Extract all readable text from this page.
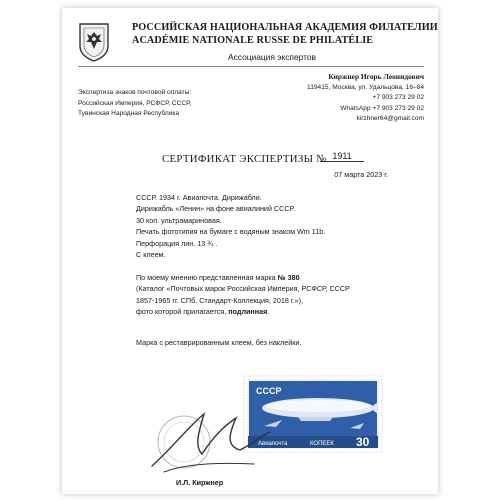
РОССИЙСКАЯ НАЦИОНАЛЬНАЯ АКАДЕМИЯ ФИЛАТЕЛИИ
ACADÉMIE NATIONALE RUSSE DE PHILATÉLIE
Ассоциация экспертов
Экспертиза знаков почтовой оплаты:
Российская Империя, РСФСР, СССР,
Тувинская Народная Республика
Киржнер Игорь Леонидович
119415, Москва, ул. Удальцова, 16–84
+7 903 273 29 02
WhatsApp +7 903 273 29 02
kirzhner64@gmail.com
СЕРТИФИКАТ ЭКСПЕРТИЗЫ № 1911
07 марта 2023 г.
СССР. 1934 г. Авиапочта. Дирижабли.
Дирижабль «Ленин» на фоне авиалиний СССР.
30 коп. ультрамариновая.
Печать фототипия на бумаге с водяным знаком Wm 11b.
Перфорация лин. 13 ¾ .
С клеем.
По моему мнению представленная марка № 380
(Каталог «Почтовых марок Российская Империя, РСФСР, СССР
1857-1965 гг. СПб. Стандарт-Коллекция, 2018 г.»),
фото которой прилагается, подлинная.
Марка с реставрированным клеем, без наклейки.
СССР
Авиапочта	КОПЕЕК 30
И.Л. Киржнер
